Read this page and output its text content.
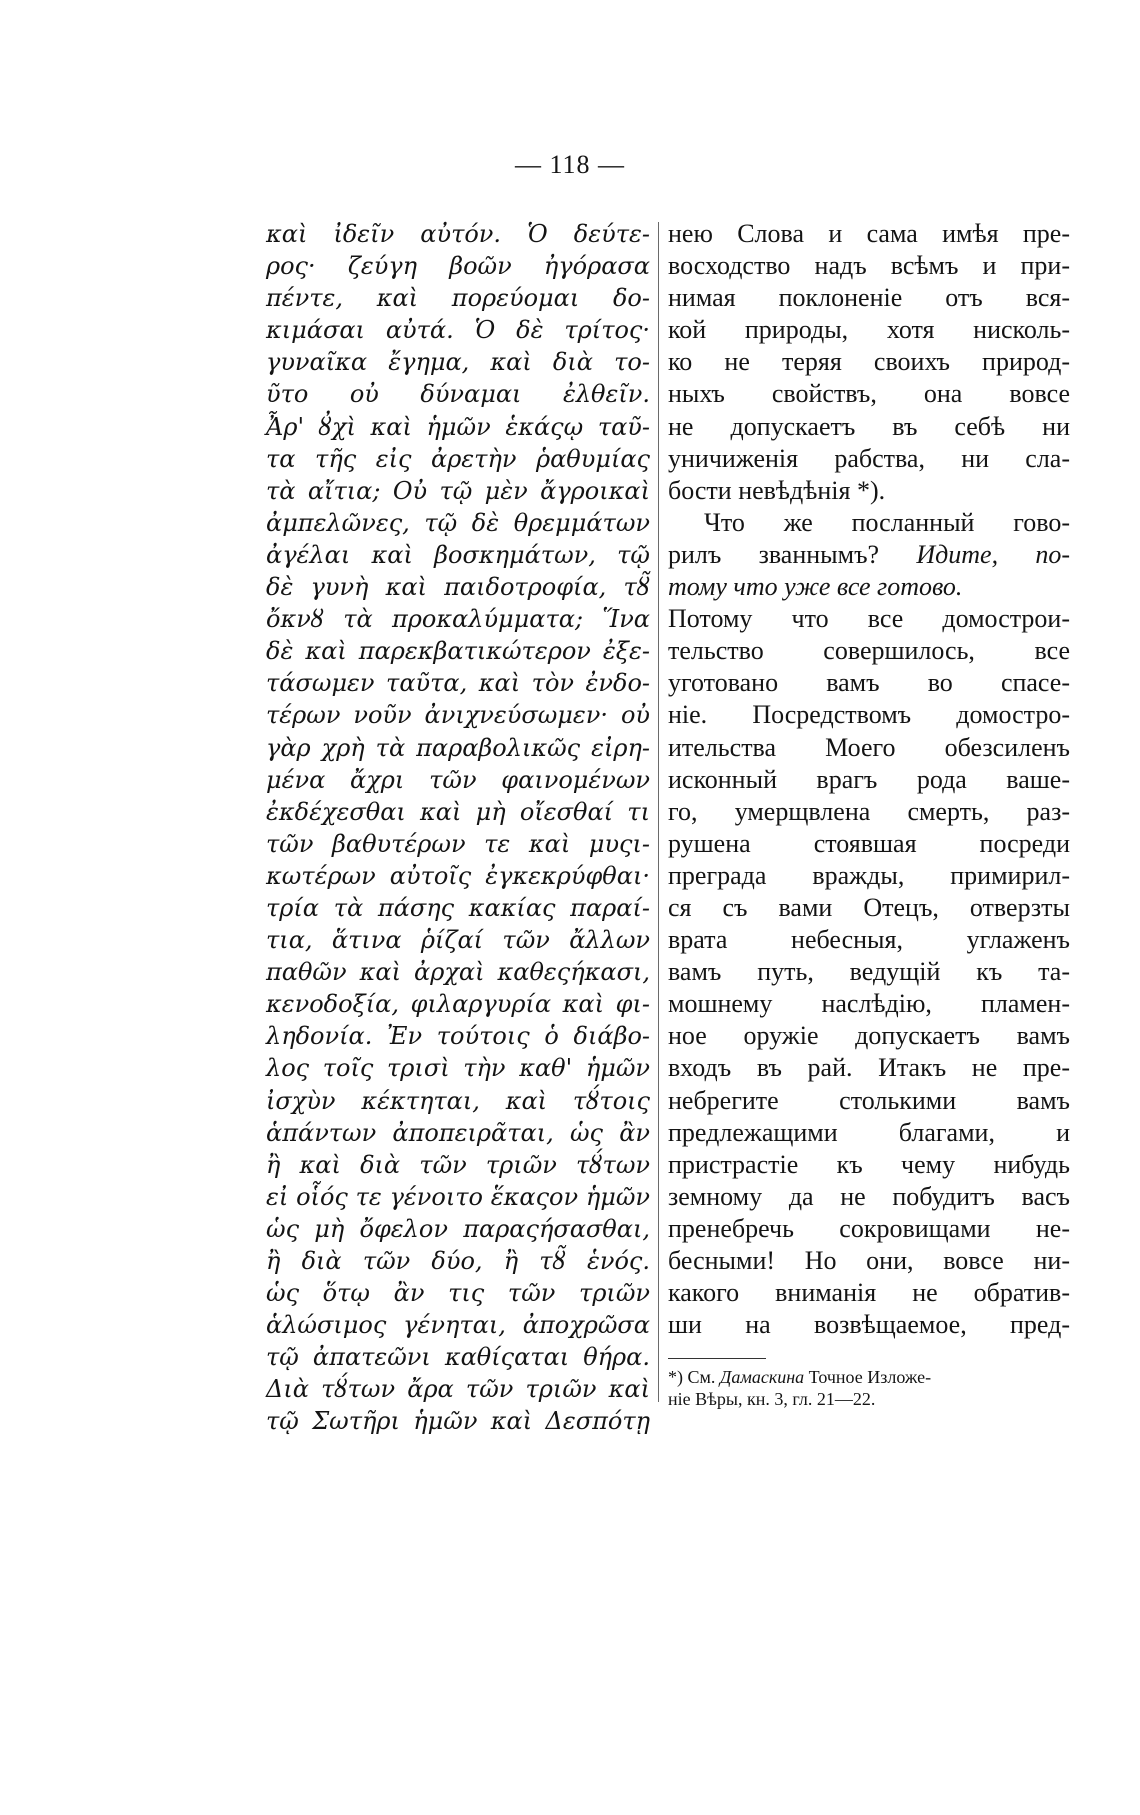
— 118 —
καὶ ἰδεῖν αὐτόν. Ὁ δεύτε-
ρος· ζεύγη βοῶν ἠγόρασα
πέντε, καὶ πορεύομαι δο-
κιμάσαι αὐτά. Ὁ δὲ τρίτος·
γυναῖκα ἔγημα, καὶ διὰ το-
ῦτο οὐ δύναμαι ἐλθεῖν.
Ἆρ' ȣ̓χὶ καὶ ἡμῶν ἑκάςῳ ταῦ-
τα τῆς εἰς ἀρετὴν ῥαθυμίας
τὰ αἴτια; Οὐ τῷ μὲν ἄγροικαὶ
ἀμπελῶνες, τῷ δὲ θρεμμάτων
ἀγέλαι καὶ βοσκημάτων, τῷ
δὲ γυνὴ καὶ παιδοτροφία, τȣ̃
ὄκνȣ τὰ προκαλύμματα; Ἵνα
δὲ καὶ παρεκβατικώτερον ἐξε-
τάσωμεν ταῦτα, καὶ τὸν ἐνδο-
τέρων νοῦν ἀνιχνεύσωμεν· οὐ
γὰρ χρὴ τὰ παραβολικῶς εἰρη-
μένα ἄχρι τῶν φαινομένων
ἐκδέχεσθαι καὶ μὴ οἴεσθαί τι
τῶν βαθυτέρων τε καὶ μυςι-
κωτέρων αὐτοῖς ἐγκεκρύφθαι·
τρία τὰ πάσης κακίας παραί-
τια, ἅτινα ῥίζαί τῶν ἄλλων
παθῶν καὶ ἀρχαὶ καθεςήκασι,
κενοδοξία, φιλαργυρία καὶ φι-
ληδονία. Ἐν τούτοις ὁ διάβο-
λος τοῖς τρισὶ τὴν καθ' ἡμῶν
ἰσχὺν κέκτηται, καὶ τȣ́τοις
ἁπάντων ἀποπειρᾶται, ὡς ἂν
ἢ καὶ διὰ τῶν τριῶν τȣ́των
εἰ οἷός τε γένοιτο ἕκαςον ἡμῶν
ὡς μὴ ὄφελον παραςήσασθαι,
ἢ διὰ τῶν δύο, ἢ τȣ̃ ἑνός.
ὡς ὅτῳ ἂν τις τῶν τριῶν
ἁλώσιμος γένηται, ἀποχρῶσα
τῷ ἀπατεῶνι καθίςαται θήρα.
Διὰ τȣ́των ἄρα τῶν τριῶν καὶ
τῷ Σωτῆρι ἡμῶν καὶ Δεσπότῃ
нею Слова и сама имѣя пре-
восходство надъ всѣмъ и при-
нимая поклоненіе отъ вся-
кой природы, хотя нисколь-
ко не теряя своихъ природ-
ныхъ свойствъ, она вовсе
не допускаетъ въ себѣ ни
уничиженія рабства, ни сла-
бости невѣдѣнія *).
Что же посланный гово-
рилъ званнымъ? Идите, по-
тому что уже все готово.
Потому что все домострои-
тельство совершилось, все
уготовано вамъ во спасе-
ніе. Посредствомъ домостро-
ительства Моего обезсиленъ
исконный врагъ рода ваше-
го, умерщвлена смерть, раз-
рушена стоявшая посреди
преграда вражды, примирил-
ся съ вами Отецъ, отверзты
врата небесныя, углаженъ
вамъ путь, ведущій къ та-
мошнему наслѣдію, пламен-
ное оружіе допускаетъ вамъ
входъ въ рай. Итакъ не пре-
небрегите столькими вамъ
предлежащими благами, и
пристрастіе къ чему нибудь
земному да не побудитъ васъ
пренебречь сокровищами не-
бесными! Но они, вовсе ни-
какого вниманія не обратив-
ши на возвѣщаемое, пред-
*) См. Дамаскина Точное Изложе-
ніе Вѣры, кн. 3, гл. 21—22.
